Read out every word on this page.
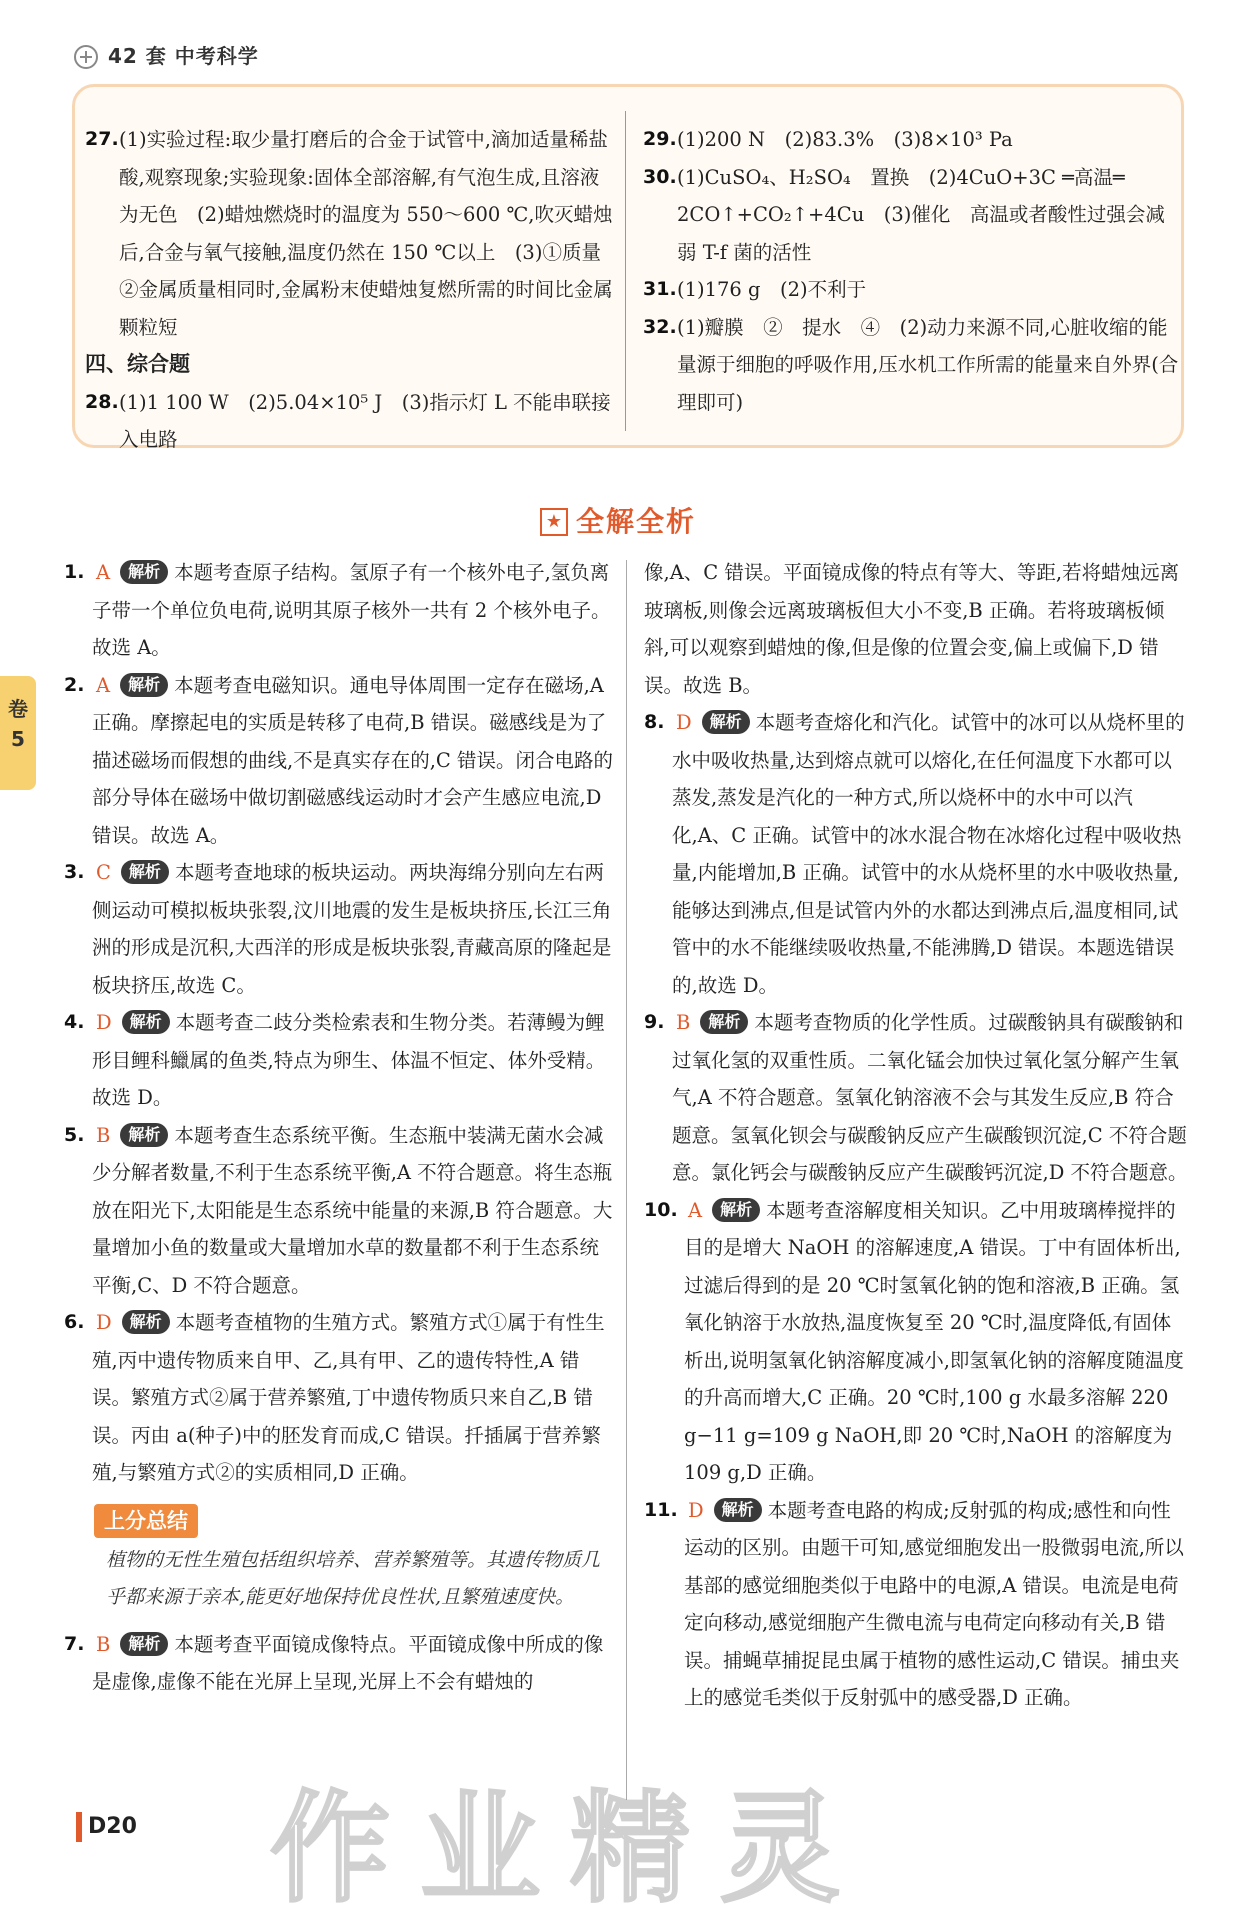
42 套 中考科学
27. (1)实验过程:取少量打磨后的合金于试管中,滴加适量稀盐酸,观察现象;实验现象:固体全部溶解,有气泡生成,且溶液为无色　(2)蜡烛燃烧时的温度为 550～600 ℃,吹灭蜡烛后,合金与氧气接触,温度仍然在 150 ℃以上　(3)①质量　②金属质量相同时,金属粉末使蜡烛复燃所需的时间比金属颗粒短
四、综合题
28. (1)1 100 W　(2)5.04×10⁵ J　(3)指示灯 L 不能串联接入电路
29. (1)200 N　(2)83.3%　(3)8×10³ Pa
30. (1)CuSO₄、H₂SO₄　置换　(2)4CuO+3C ═高温═ 2CO↑+CO₂↑+4Cu　(3)催化　高温或者酸性过强会减弱 T-f 菌的活性
31. (1)176 g　(2)不利于
32. (1)瓣膜　②　提水　④　(2)动力来源不同,心脏收缩的能量源于细胞的呼吸作用,压水机工作所需的能量来自外界(合理即可)
★ 全解全析
卷
5
1. A 解析 本题考查原子结构。氢原子有一个核外电子,氢负离子带一个单位负电荷,说明其原子核外一共有 2 个核外电子。故选 A。
2. A 解析 本题考查电磁知识。通电导体周围一定存在磁场,A 正确。摩擦起电的实质是转移了电荷,B 错误。磁感线是为了描述磁场而假想的曲线,不是真实存在的,C 错误。闭合电路的部分导体在磁场中做切割磁感线运动时才会产生感应电流,D 错误。故选 A。
3. C 解析 本题考查地球的板块运动。两块海绵分别向左右两侧运动可模拟板块张裂,汶川地震的发生是板块挤压,长江三角洲的形成是沉积,大西洋的形成是板块张裂,青藏高原的隆起是板块挤压,故选 C。
4. D 解析 本题考查二歧分类检索表和生物分类。若薄鳗为鲤形目鲤科鱲属的鱼类,特点为卵生、体温不恒定、体外受精。故选 D。
5. B 解析 本题考查生态系统平衡。生态瓶中装满无菌水会减少分解者数量,不利于生态系统平衡,A 不符合题意。将生态瓶放在阳光下,太阳能是生态系统中能量的来源,B 符合题意。大量增加小鱼的数量或大量增加水草的数量都不利于生态系统平衡,C、D 不符合题意。
6. D 解析 本题考查植物的生殖方式。繁殖方式①属于有性生殖,丙中遗传物质来自甲、乙,具有甲、乙的遗传特性,A 错误。繁殖方式②属于营养繁殖,丁中遗传物质只来自乙,B 错误。丙由 a(种子)中的胚发育而成,C 错误。扦插属于营养繁殖,与繁殖方式②的实质相同,D 正确。
上分总结
植物的无性生殖包括组织培养、营养繁殖等。其遗传物质几乎都来源于亲本,能更好地保持优良性状,且繁殖速度快。
7. B 解析 本题考查平面镜成像特点。平面镜成像中所成的像是虚像,虚像不能在光屏上呈现,光屏上不会有蜡烛的
像,A、C 错误。平面镜成像的特点有等大、等距,若将蜡烛远离玻璃板,则像会远离玻璃板但大小不变,B 正确。若将玻璃板倾斜,可以观察到蜡烛的像,但是像的位置会变,偏上或偏下,D 错误。故选 B。
8. D 解析 本题考查熔化和汽化。试管中的冰可以从烧杯里的水中吸收热量,达到熔点就可以熔化,在任何温度下水都可以蒸发,蒸发是汽化的一种方式,所以烧杯中的水中可以汽化,A、C 正确。试管中的冰水混合物在冰熔化过程中吸收热量,内能增加,B 正确。试管中的水从烧杯里的水中吸收热量,能够达到沸点,但是试管内外的水都达到沸点后,温度相同,试管中的水不能继续吸收热量,不能沸腾,D 错误。本题选错误的,故选 D。
9. B 解析 本题考查物质的化学性质。过碳酸钠具有碳酸钠和过氧化氢的双重性质。二氧化锰会加快过氧化氢分解产生氧气,A 不符合题意。氢氧化钠溶液不会与其发生反应,B 符合题意。氢氧化钡会与碳酸钠反应产生碳酸钡沉淀,C 不符合题意。氯化钙会与碳酸钠反应产生碳酸钙沉淀,D 不符合题意。
10. A 解析 本题考查溶解度相关知识。乙中用玻璃棒搅拌的目的是增大 NaOH 的溶解速度,A 错误。丁中有固体析出,过滤后得到的是 20 ℃时氢氧化钠的饱和溶液,B 正确。氢氧化钠溶于水放热,温度恢复至 20 ℃时,温度降低,有固体析出,说明氢氧化钠溶解度减小,即氢氧化钠的溶解度随温度的升高而增大,C 正确。20 ℃时,100 g 水最多溶解 220 g−11 g=109 g NaOH,即 20 ℃时,NaOH 的溶解度为 109 g,D 正确。
11. D 解析 本题考查电路的构成;反射弧的构成;感性和向性运动的区别。由题干可知,感觉细胞发出一股微弱电流,所以基部的感觉细胞类似于电路中的电源,A 错误。电流是电荷定向移动,感觉细胞产生微电流与电荷定向移动有关,B 错误。捕蝇草捕捉昆虫属于植物的感性运动,C 错误。捕虫夹上的感觉毛类似于反射弧中的感受器,D 正确。
D20 作业精灵
